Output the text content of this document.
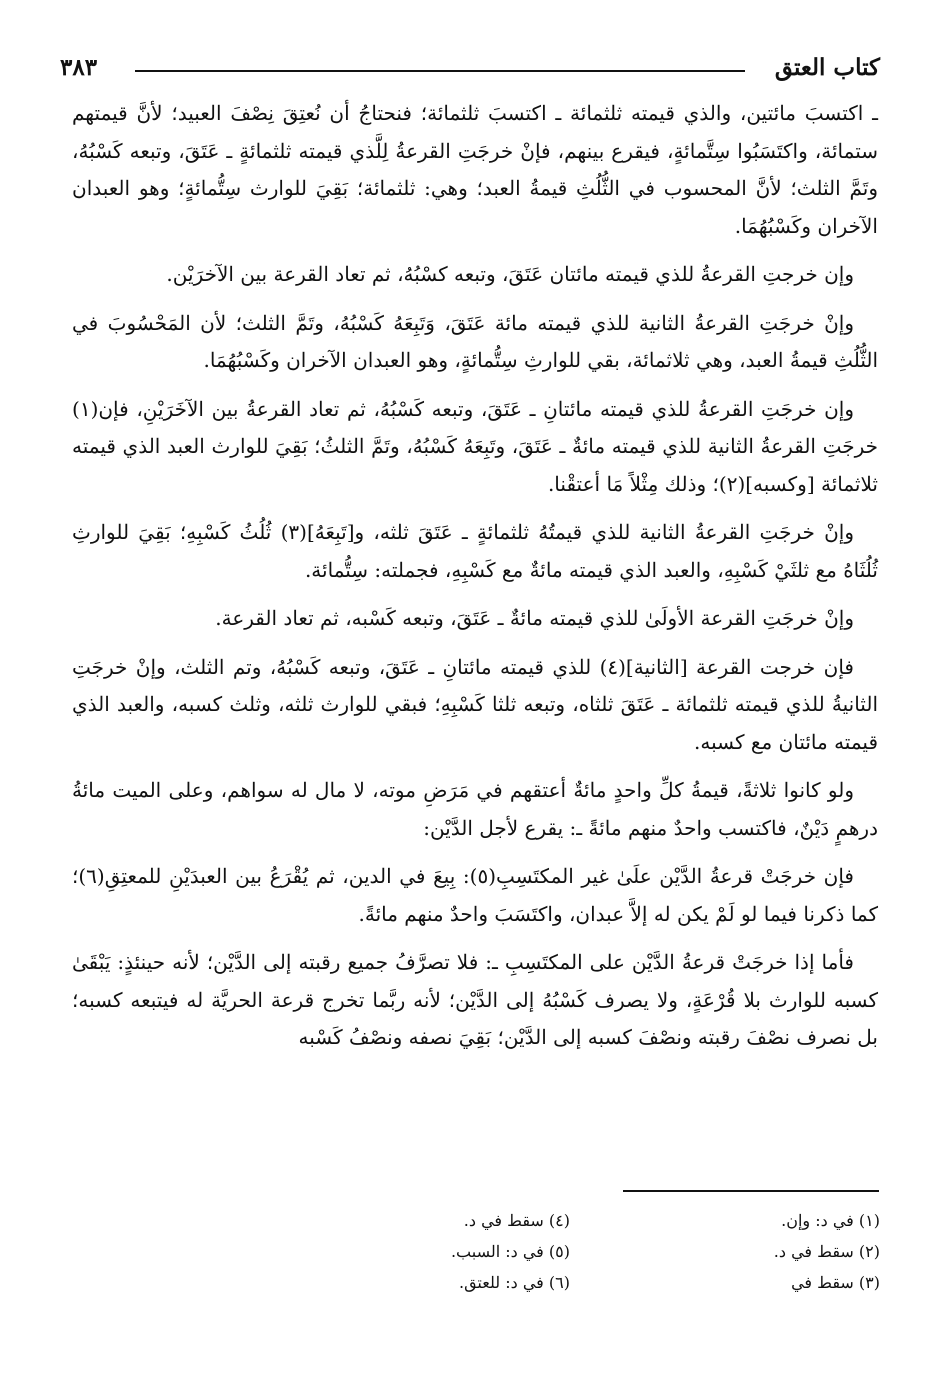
كتاب العتق
٣٨٣

ـ اكتسبَ مائتين، والذي قيمته ثلثمائة ـ اكتسبَ ثلثمائة؛ فنحتاجُ أن نُعتِقَ نِصْفَ العبيد؛ لأنَّ قيمتهم ستمائة، واكتَسَبُوا سِتَّمائةٍ، فيقرع بينهم، فإنْ خرجَتِ القرعةُ لِلَّذي قيمته ثلثمائةٍ ـ عَتَقَ، وتبعه كَسْبُهُ، وتَمَّ الثلث؛ لأنَّ المحسوب في الثُّلُثِ قيمةُ العبد؛ وهي: ثلثمائة؛ بَقِيَ للوارث سِتُّمائةٍ؛ وهو العبدان الآخران وكَسْبُهُمَا.

وإن خرجتِ القرعةُ للذي قيمته مائتان عَتَقَ، وتبعه كسْبُهُ، ثم تعاد القرعة بين الآخرَيْن.

وإنْ خرجَتِ القرعةُ الثانية للذي قيمته مائة عَتَقَ، وَتَبِعَهُ كَسْبُهُ، وتَمَّ الثلث؛ لأن المَحْسُوبَ في الثُّلُثِ قيمةُ العبد، وهي ثلاثمائة، بقي للوارثِ سِتُّمائةٍ، وهو العبدان الآخران وكَسْبُهُمَا.

وإن خرجَتِ القرعةُ للذي قيمته مائتانِ ـ عَتَقَ، وتبعه كَسْبُهُ، ثم تعاد القرعةُ بين الآخَرَيْنِ، فإن(١) خرجَتِ القرعةُ الثانية للذي قيمته مائةٌ ـ عَتَقَ، وتَبِعَهُ كَسْبُهُ، وتَمَّ الثلثُ؛ بَقِيَ للوارث العبد الذي قيمته ثلاثمائة [وكسبه](٢)؛ وذلك مِثْلاً مَا أعتقْنا.

وإنْ خرجَتِ القرعةُ الثانية للذي قيمتُهُ ثلثمائةٍ ـ عَتَقَ ثلثه، و[تَبِعَهُ](٣) ثُلُثُ كَسْبِهِ؛ بَقِيَ للوارثِ ثُلُثَاهُ مع ثلثَيْ كَسْبِهِ، والعبد الذي قيمته مائةٌ مع كَسْبِهِ، فجملته: سِتُّمائة.

وإنْ خرجَتِ القرعة الأولَىٰ للذي قيمته مائةٌ ـ عَتَقَ، وتبعه كَسْبه، ثم تعاد القرعة.

فإن خرجت القرعة [الثانية](٤) للذي قيمته مائتانِ ـ عَتَقَ، وتبعه كَسْبُهُ، وتم الثلث، وإنْ خرجَتِ الثانيةُ للذي قيمته ثلثمائة ـ عَتَقَ ثلثاه، وتبعه ثلثا كَسْبِهِ؛ فبقي للوارث ثلثه، وثلث كسبه، والعبد الذي قيمته مائتان مع كسبه.

ولو كانوا ثلاثةً، قيمةُ كلِّ واحدٍ مائةٌ أعتقهم في مَرَضِ موته، لا مال له سواهم، وعلى الميت مائةُ درهمٍ دَيْنٌ، فاكتسب واحدٌ منهم مائةً ـ: يقرع لأجل الدَّيْن:

فإن خرجَتْ قرعةُ الدَّيْن علَىٰ غير المكتَسِبِ(٥): بِيعَ في الدين، ثم يُقْرَعُ بين العبدَيْنِ للمعتِقِ(٦)؛ كما ذكرنا فيما لو لَمْ يكن له إلاَّ عبدان، واكتَسَبَ واحدٌ منهم مائةً.

فأما إذا خرجَتْ قرعةُ الدَّيْن على المكتَسِبِ ـ: فلا تصرَّفُ جميع رقبته إلى الدَّيْن؛ لأنه حينئذٍ: يَبْقَىٰ كسبه للوارث بلا قُرْعَةٍ، ولا يصرف كَسْبُهُ إلى الدَّيْن؛ لأنه ربَّما تخرج قرعة الحريَّة له فيتبعه كسبه؛ بل نصرف نصْفَ رقبته ونصْفَ كسبه إلى الدَّيْن؛ بَقِيَ نصفه ونصْفُ كَسْبه

(١) في د: وإن.
(٢) سقط في د.
(٣) سقط في
(٤) سقط في د.
(٥) في د: السبب.
(٦) في د: للعتق.
